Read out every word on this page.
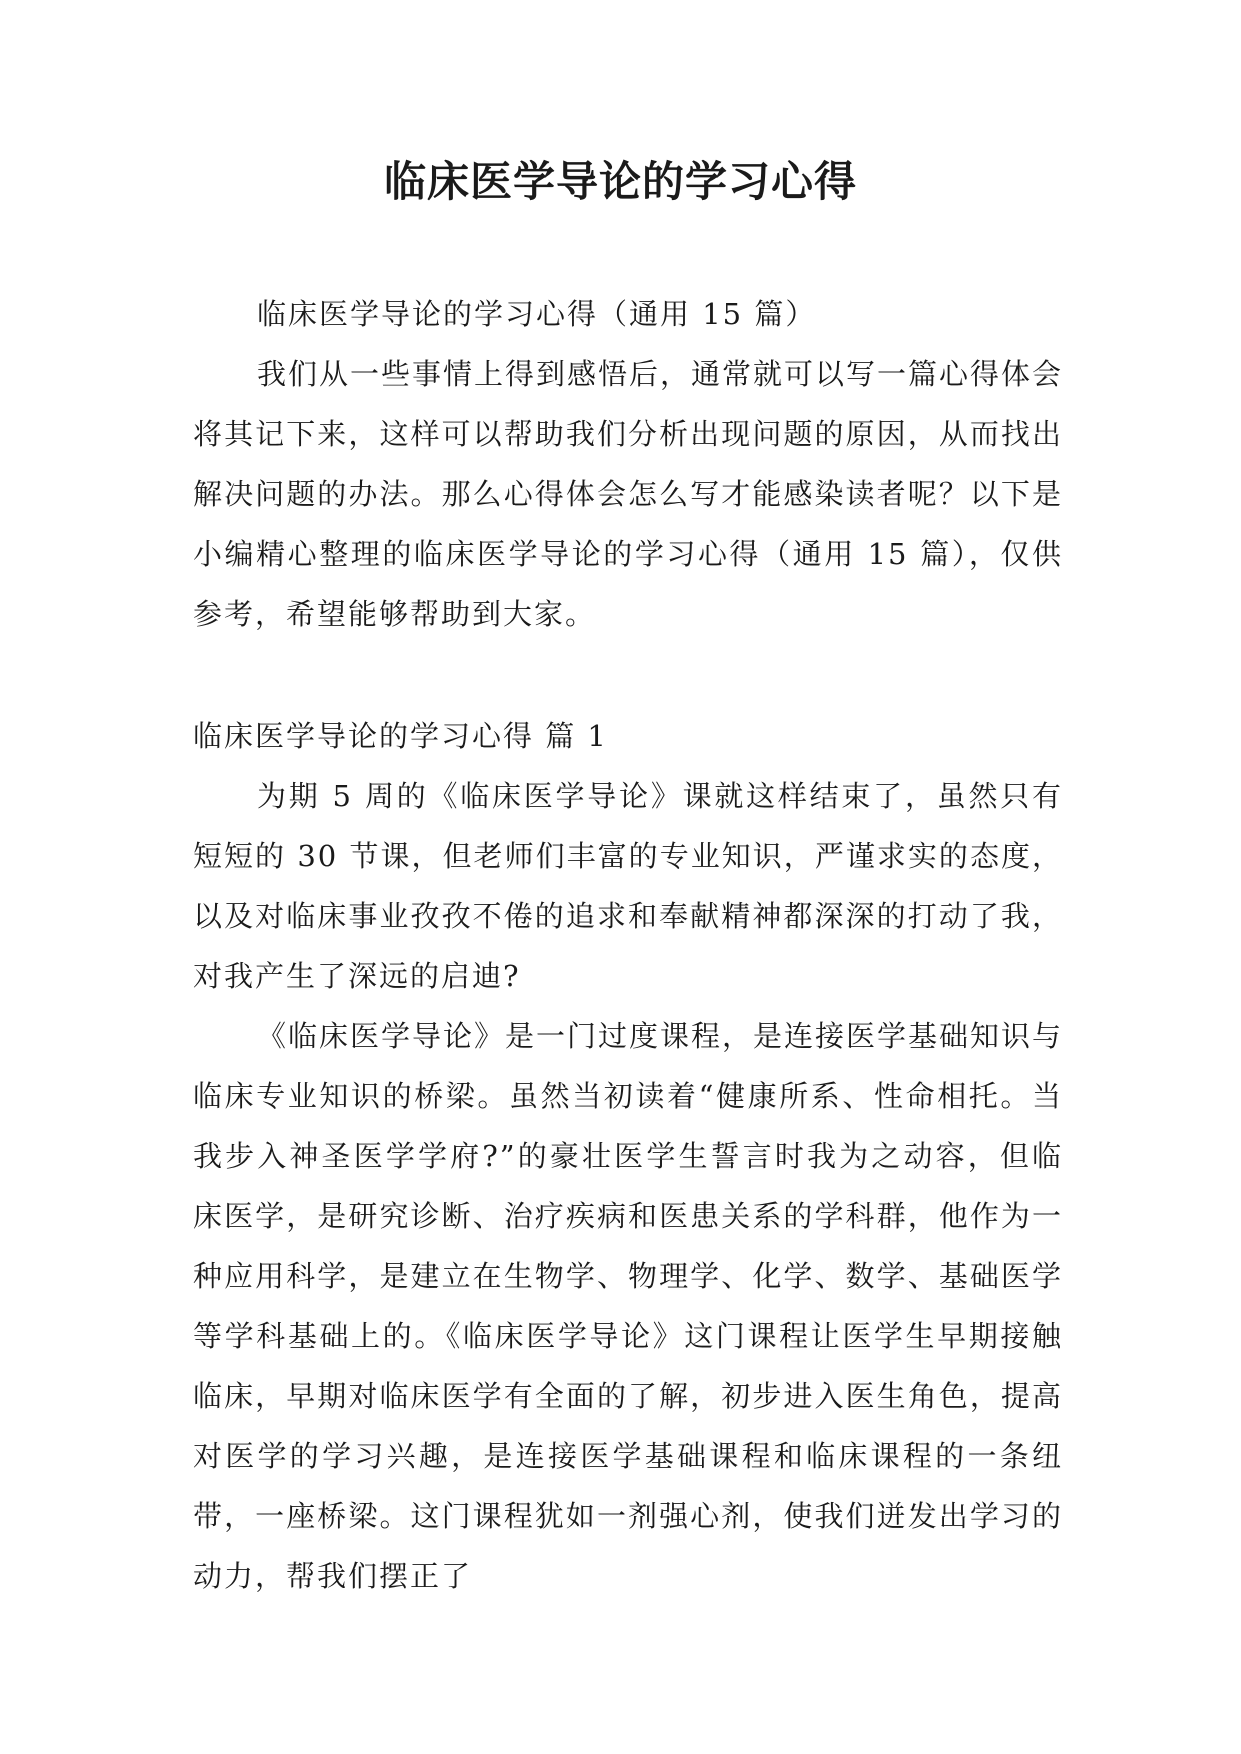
临床医学导论的学习心得

临床医学导论的学习心得（通用 15 篇）

我们从一些事情上得到感悟后，通常就可以写一篇心得体会将其记下来，这样可以帮助我们分析出现问题的原因，从而找出解决问题的办法。那么心得体会怎么写才能感染读者呢？以下是小编精心整理的临床医学导论的学习心得（通用 15 篇），仅供参考，希望能够帮助到大家。

临床医学导论的学习心得 篇 1

为期 5 周的《临床医学导论》课就这样结束了，虽然只有短短的 30 节课，但老师们丰富的专业知识，严谨求实的态度，以及对临床事业孜孜不倦的追求和奉献精神都深深的打动了我，对我产生了深远的启迪?

《临床医学导论》是一门过度课程，是连接医学基础知识与临床专业知识的桥梁。虽然当初读着“健康所系、性命相托。当我步入神圣医学学府?”的豪壮医学生誓言时我为之动容，但临床医学，是研究诊断、治疗疾病和医患关系的学科群，他作为一种应用科学，是建立在生物学、物理学、化学、数学、基础医学等学科基础上的。《临床医学导论》这门课程让医学生早期接触临床，早期对临床医学有全面的了解，初步进入医生角色，提高对医学的学习兴趣，是连接医学基础课程和临床课程的一条纽带，一座桥梁。这门课程犹如一剂强心剂，使我们迸发出学习的动力，帮我们摆正了
